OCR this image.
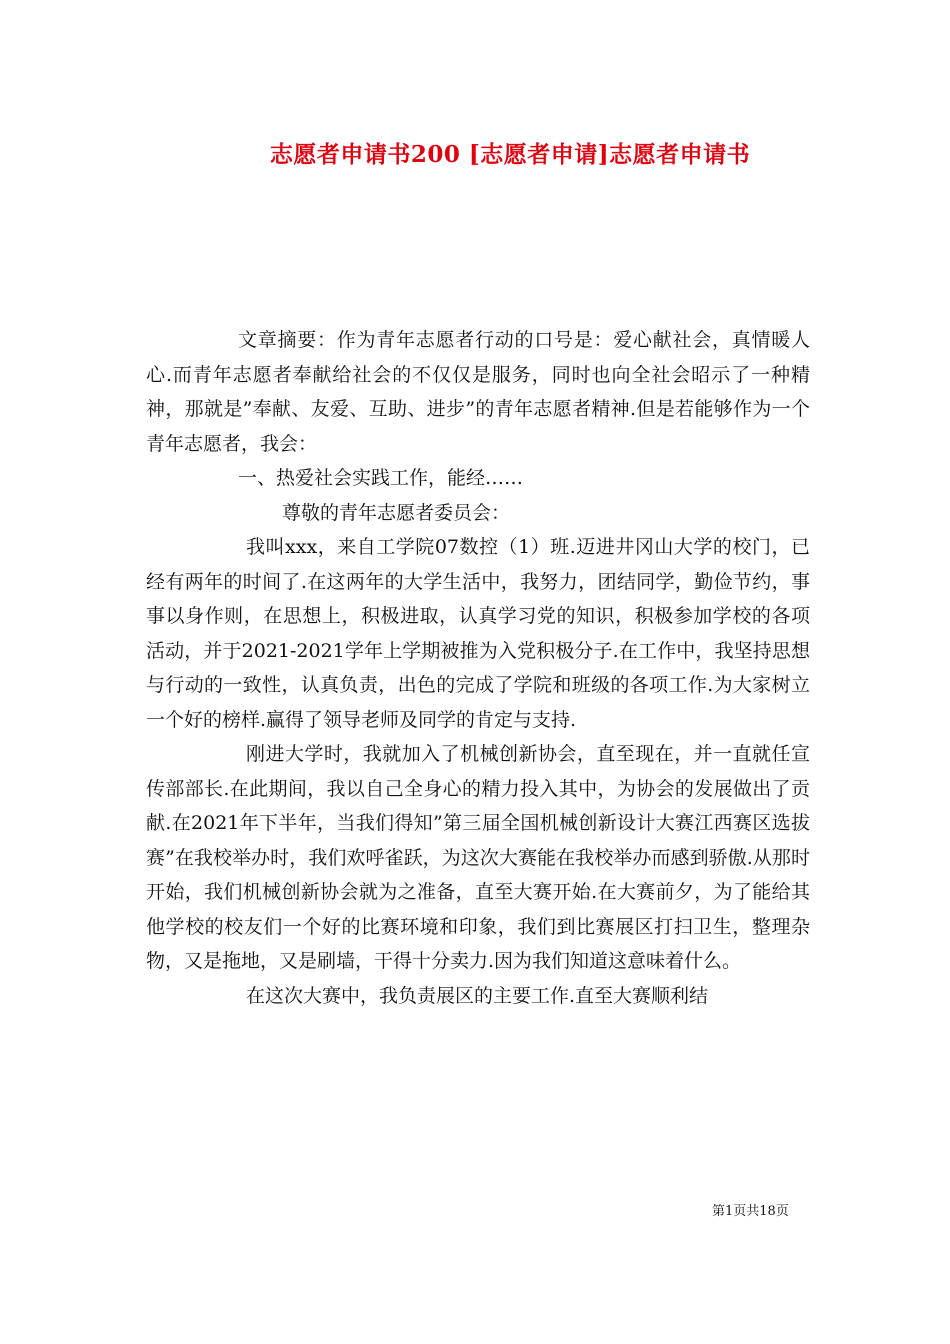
志愿者申请书200 [志愿者申请]志愿者申请书

文章摘要：作为青年志愿者行动的口号是：爱心献社会，真情暖人心.而青年志愿者奉献给社会的不仅仅是服务，同时也向全社会昭示了一种精神，那就是”奉献、友爱、互助、进步”的青年志愿者精神.但是若能够作为一个青年志愿者，我会：

一、热爱社会实践工作，能经……

尊敬的青年志愿者委员会：

我叫xxx，来自工学院07数控（1）班.迈进井冈山大学的校门，已经有两年的时间了.在这两年的大学生活中，我努力，团结同学，勤俭节约，事事以身作则，在思想上，积极进取，认真学习党的知识，积极参加学校的各项活动，并于2021-2021学年上学期被推为入党积极分子.在工作中，我坚持思想与行动的一致性，认真负责，出色的完成了学院和班级的各项工作.为大家树立一个好的榜样.赢得了领导老师及同学的肯定与支持.

刚进大学时，我就加入了机械创新协会，直至现在，并一直就任宣传部部长.在此期间，我以自己全身心的精力投入其中，为协会的发展做出了贡献.在2021年下半年，当我们得知”第三届全国机械创新设计大赛江西赛区选拔赛”在我校举办时，我们欢呼雀跃，为这次大赛能在我校举办而感到骄傲.从那时开始，我们机械创新协会就为之准备，直至大赛开始.在大赛前夕，为了能给其他学校的校友们一个好的比赛环境和印象，我们到比赛展区打扫卫生，整理杂物，又是拖地，又是刷墙，干得十分卖力.因为我们知道这意味着什么。

在这次大赛中，我负责展区的主要工作.直至大赛顺利结

第1页共18页
